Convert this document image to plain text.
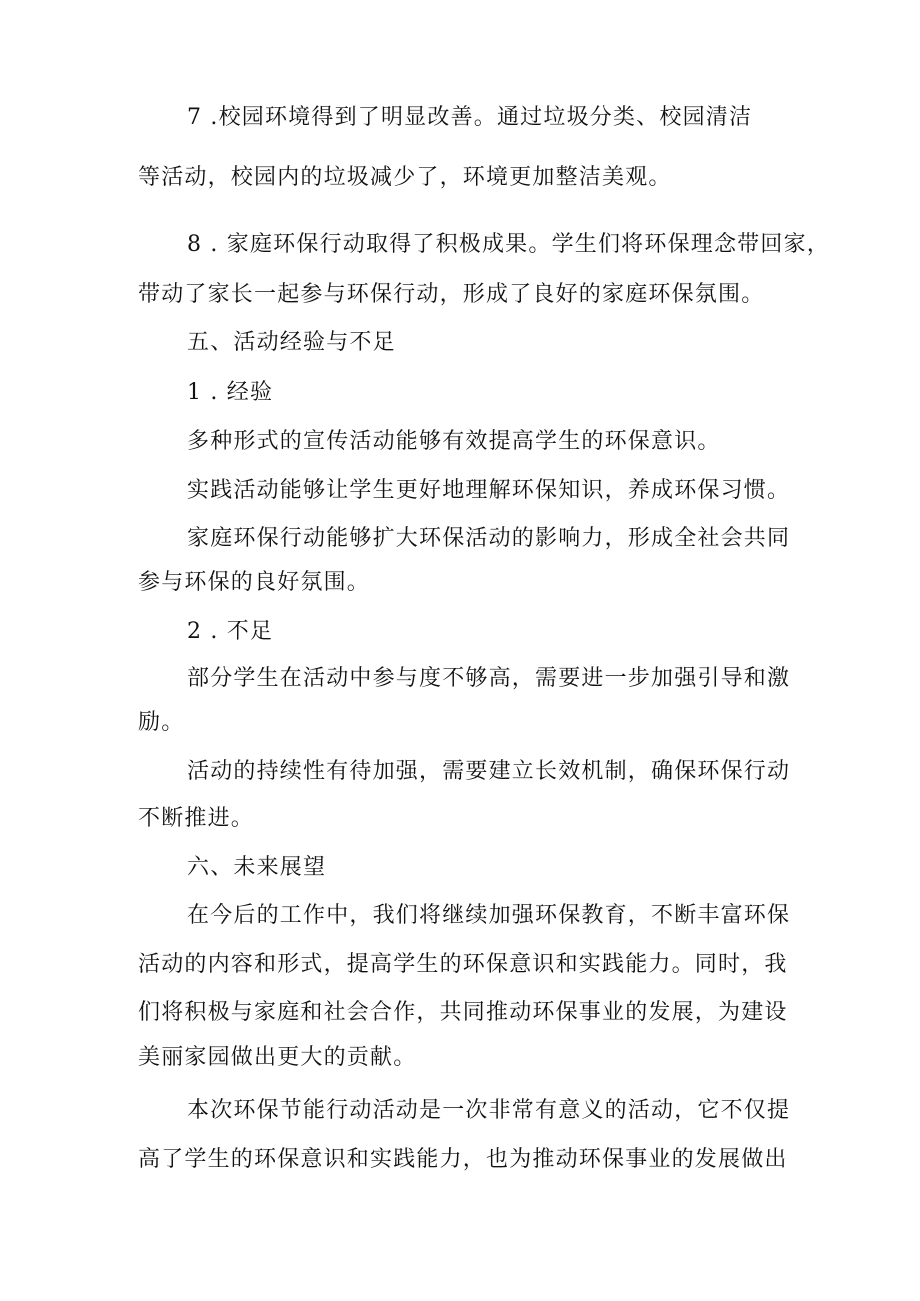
7 .校园环境得到了明显改善。通过垃圾分类、校园清洁
等活动，校园内的垃圾减少了，环境更加整洁美观。
8 . 家庭环保行动取得了积极成果。学生们将环保理念带回家，
带动了家长一起参与环保行动，形成了良好的家庭环保氛围。
五、活动经验与不足
1 . 经验
多种形式的宣传活动能够有效提高学生的环保意识。
实践活动能够让学生更好地理解环保知识，养成环保习惯。
家庭环保行动能够扩大环保活动的影响力，形成全社会共同
参与环保的良好氛围。
2 . 不足
部分学生在活动中参与度不够高，需要进一步加强引导和激
励。
活动的持续性有待加强，需要建立长效机制，确保环保行动
不断推进。
六、未来展望
在今后的工作中，我们将继续加强环保教育，不断丰富环保
活动的内容和形式，提高学生的环保意识和实践能力。同时，我
们将积极与家庭和社会合作，共同推动环保事业的发展，为建设
美丽家园做出更大的贡献。
本次环保节能行动活动是一次非常有意义的活动，它不仅提
高了学生的环保意识和实践能力，也为推动环保事业的发展做出
